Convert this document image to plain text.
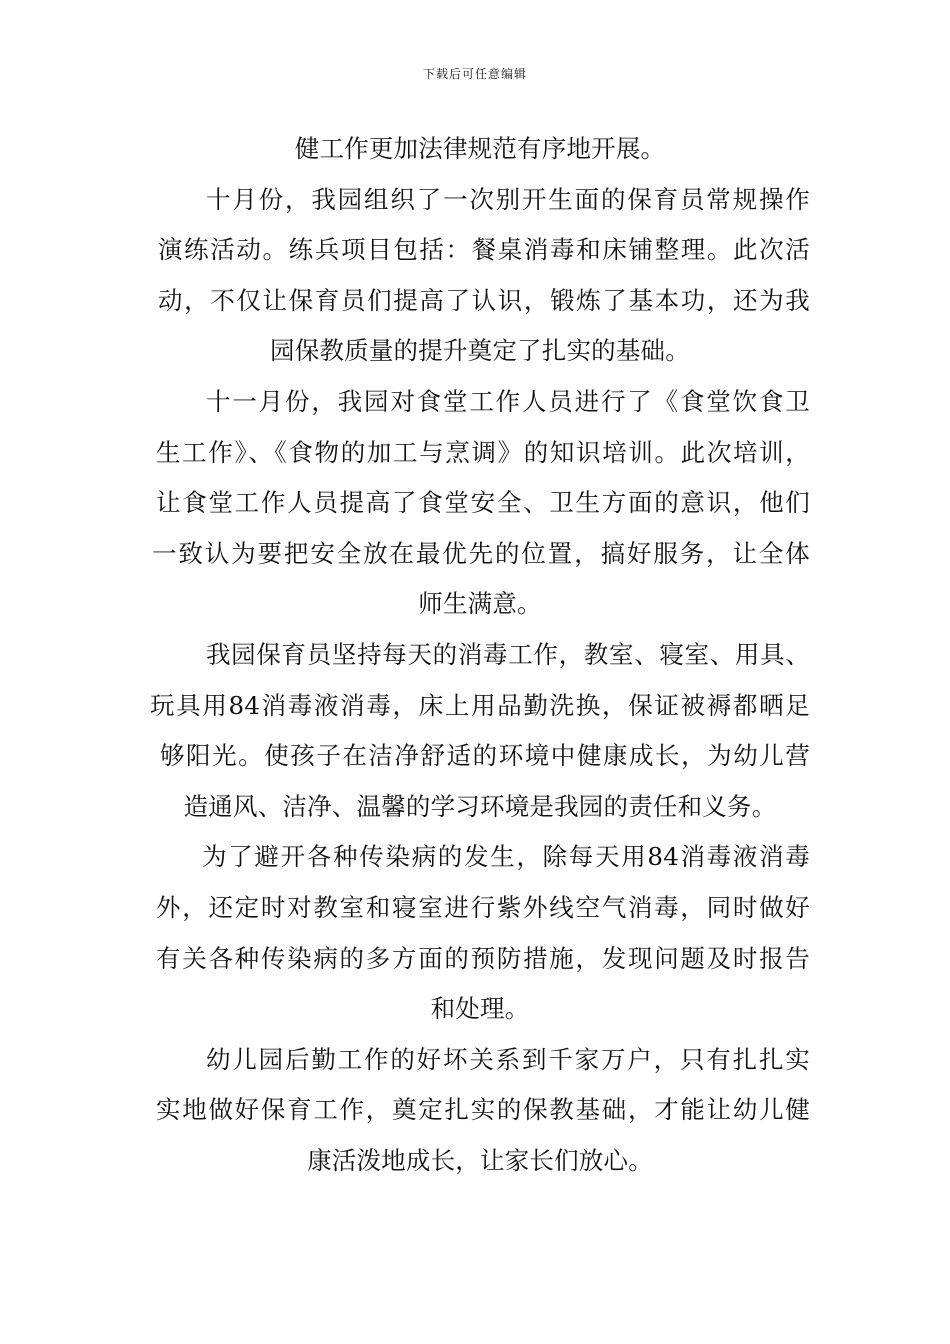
下载后可任意编辑
健工作更加法律规范有序地开展。
十月份，我园组织了一次别开生面的保育员常规操作
演练活动。练兵项目包括：餐桌消毒和床铺整理。此次活
动，不仅让保育员们提高了认识，锻炼了基本功，还为我
园保教质量的提升奠定了扎实的基础。
十一月份，我园对食堂工作人员进行了《食堂饮食卫
生工作》、《食物的加工与烹调》的知识培训。此次培训，
让食堂工作人员提高了食堂安全、卫生方面的意识，他们
一致认为要把安全放在最优先的位置，搞好服务，让全体
师生满意。
我园保育员坚持每天的消毒工作，教室、寝室、用具、
玩具用84消毒液消毒，床上用品勤洗换，保证被褥都晒足
够阳光。使孩子在洁净舒适的环境中健康成长，为幼儿营
造通风、洁净、温馨的学习环境是我园的责任和义务。
为了避开各种传染病的发生，除每天用84消毒液消毒
外，还定时对教室和寝室进行紫外线空气消毒，同时做好
有关各种传染病的多方面的预防措施，发现问题及时报告
和处理。
幼儿园后勤工作的好坏关系到千家万户，只有扎扎实
实地做好保育工作，奠定扎实的保教基础，才能让幼儿健
康活泼地成长，让家长们放心。
